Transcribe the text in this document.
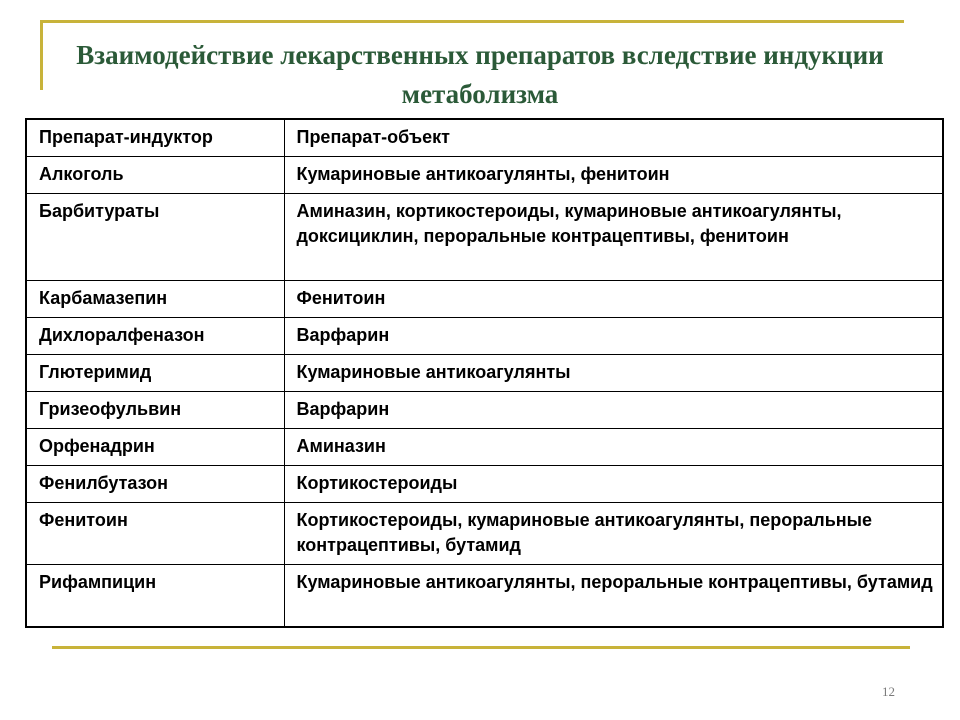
Взаимодействие лекарственных препаратов вследствие индукции метаболизма
Препарат-индуктор	Препарат-объект
Алкоголь	Кумариновые антикоагулянты, фенитоин
Барбитураты	Аминазин, кортикостероиды, кумариновые антикоагулянты, доксициклин, пероральные контрацептивы, фенитоин
Карбамазепин	Фенитоин
Дихлоралфеназон	Варфарин
Глютеримид	Кумариновые антикоагулянты
Гризеофульвин	Варфарин
Орфенадрин	Аминазин
Фенилбутазон	Кортикостероиды
Фенитоин	Кортикостероиды, кумариновые антикоагулянты, пероральные контрацептивы, бутамид
Рифампицин	Кумариновые антикоагулянты, пероральные контрацептивы, бутамид
12
